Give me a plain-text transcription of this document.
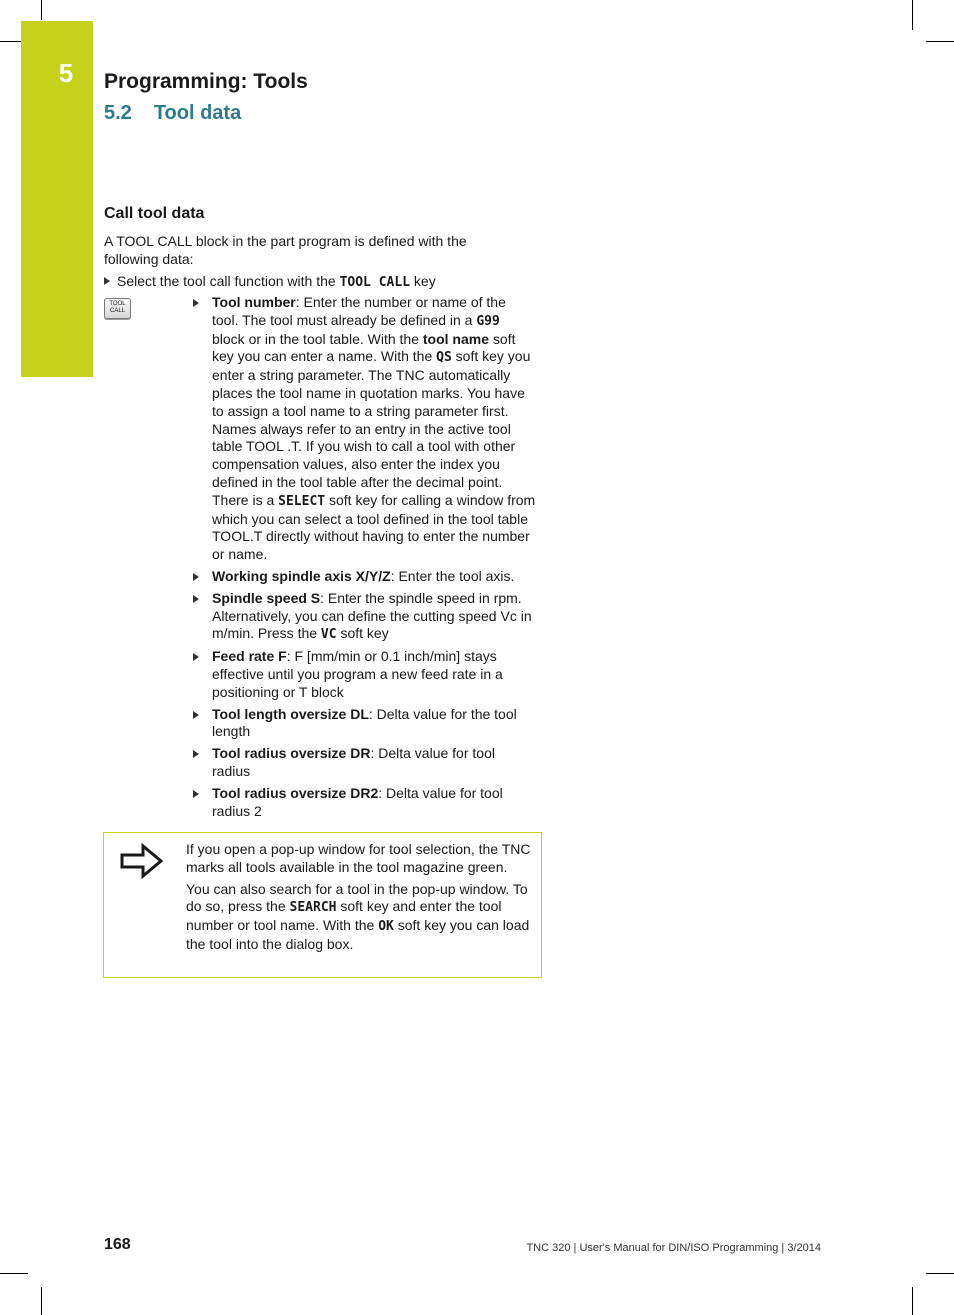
5	Programming: Tools
5.2 Tool data
Call tool data
A TOOL CALL block in the part program is defined with the following data:
Select the tool call function with the TOOL CALL key
TOOL
CALL
Tool number: Enter the number or name of the tool. The tool must already be defined in a G99 block or in the tool table. With the tool name soft key you can enter a name. With the QS soft key you enter a string parameter. The TNC automatically places the tool name in quotation marks. You have to assign a tool name to a string parameter first. Names always refer to an entry in the active tool table TOOL .T. If you wish to call a tool with other compensation values, also enter the index you defined in the tool table after the decimal point. There is a SELECT soft key for calling a window from which you can select a tool defined in the tool table TOOL.T directly without having to enter the number or name.
Working spindle axis X/Y/Z: Enter the tool axis.
Spindle speed S: Enter the spindle speed in rpm. Alternatively, you can define the cutting speed Vc in m/min. Press the VC soft key
Feed rate F: F [mm/min or 0.1 inch/min] stays effective until you program a new feed rate in a positioning or T block
Tool length oversize DL: Delta value for the tool length
Tool radius oversize DR: Delta value for tool radius
Tool radius oversize DR2: Delta value for tool radius 2

If you open a pop-up window for tool selection, the TNC marks all tools available in the tool magazine green.

You can also search for a tool in the pop-up window. To do so, press the SEARCH soft key and enter the tool number or tool name. With the OK soft key you can load the tool into the dialog box.

168	TNC 320 | User's Manual for DIN/ISO Programming | 3/2014
